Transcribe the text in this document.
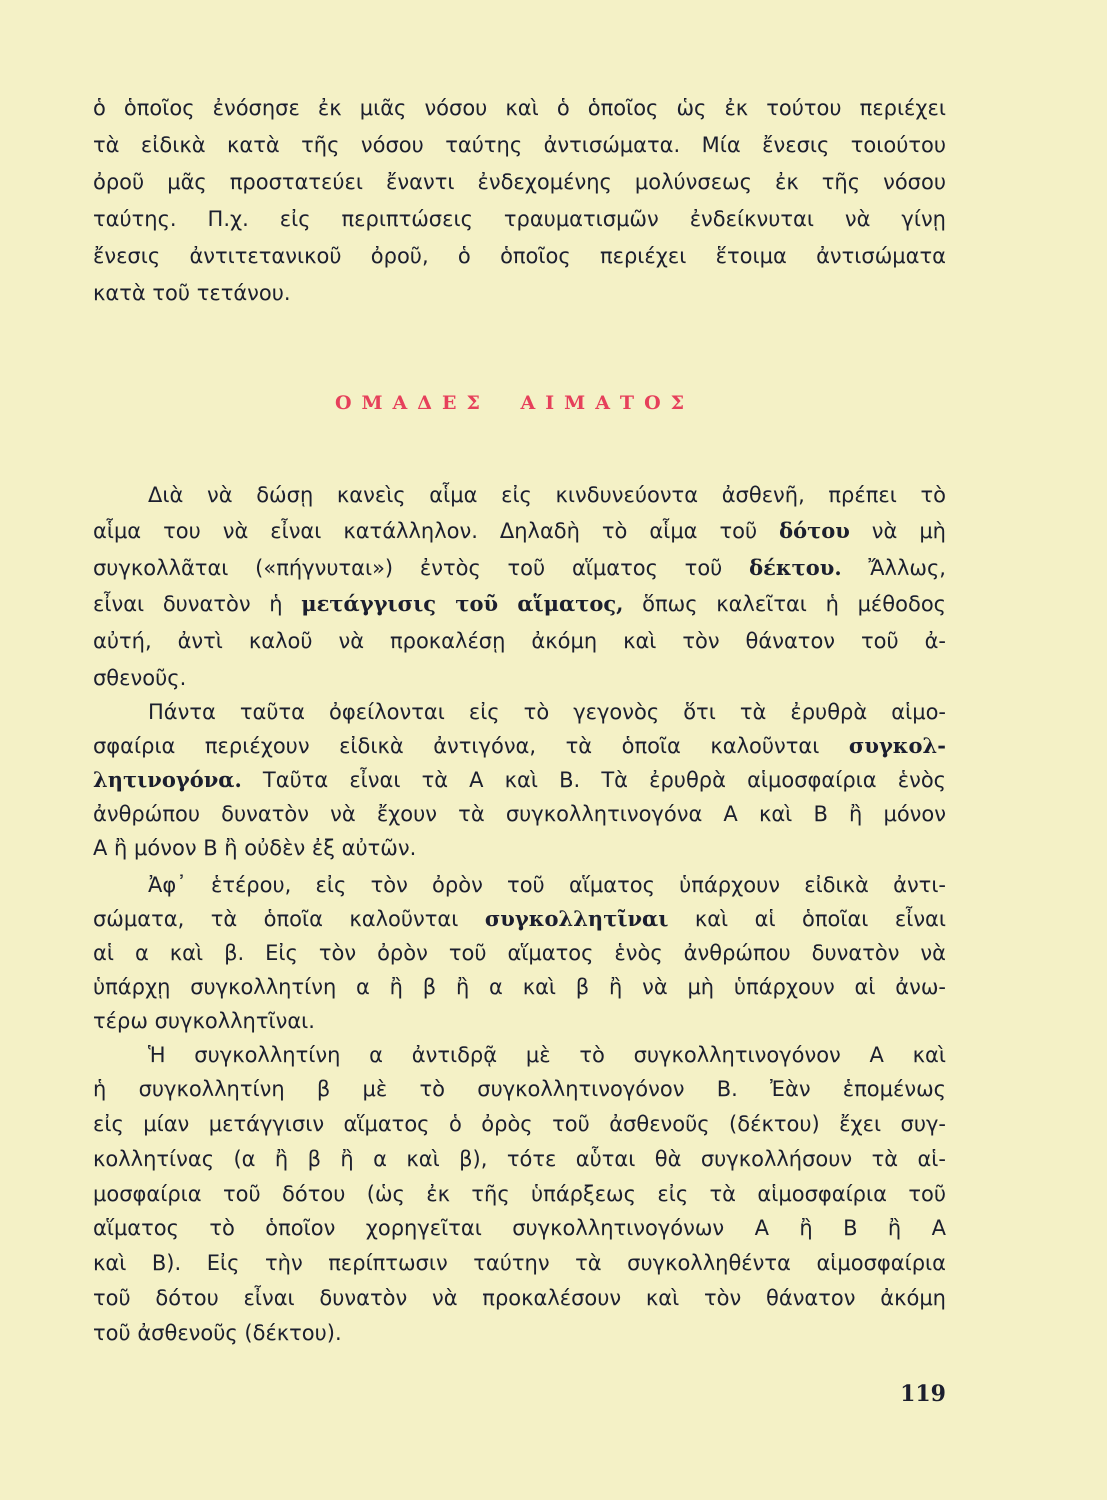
ὁ ὁποῖος ἐνόσησε ἐκ μιᾶς νόσου καὶ ὁ ὁποῖος ὡς ἐκ τούτου περιέχει
τὰ εἰδικὰ κατὰ τῆς νόσου ταύτης ἀντισώματα. Μία ἔνεσις τοιούτου
ὀροῦ μᾶς προστατεύει ἔναντι ἐνδεχομένης μολύνσεως ἐκ τῆς νόσου
ταύτης. Π.χ. εἰς περιπτώσεις τραυματισμῶν ἐνδείκνυται νὰ γίνῃ
ἔνεσις ἀντιτετανικοῦ ὀροῦ, ὁ ὁποῖος περιέχει ἕτοιμα ἀντισώματα
κατὰ τοῦ τετάνου.
ΟΜΑΔΕΣ ΑΙΜΑΤΟΣ
Διὰ νὰ δώσῃ κανεὶς αἷμα εἰς κινδυνεύοντα ἀσθενῆ, πρέπει τὸ
αἷμα του νὰ εἶναι κατάλληλον. Δηλαδὴ τὸ αἷμα τοῦ δότου νὰ μὴ
συγκολλᾶται («πήγνυται») ἐντὸς τοῦ αἵματος τοῦ δέκτου. Ἄλλως,
εἶναι δυνατὸν ἡ μετάγγισις τοῦ αἵματος, ὅπως καλεῖται ἡ μέθοδος
αὐτή, ἀντὶ καλοῦ νὰ προκαλέσῃ ἀκόμη καὶ τὸν θάνατον τοῦ ἀ-
σθενοῦς.
Πάντα ταῦτα ὀφείλονται εἰς τὸ γεγονὸς ὅτι τὰ ἐρυθρὰ αἱμο-
σφαίρια περιέχουν εἰδικὰ ἀντιγόνα, τὰ ὁποῖα καλοῦνται συγκολ-
λητινογόνα. Ταῦτα εἶναι τὰ Α καὶ Β. Τὰ ἐρυθρὰ αἱμοσφαίρια ἑνὸς
ἀνθρώπου δυνατὸν νὰ ἔχουν τὰ συγκολλητινογόνα Α καὶ Β ἢ μόνον
Α ἢ μόνον Β ἢ οὐδὲν ἐξ αὐτῶν.
Ἀφ᾽ ἑτέρου, εἰς τὸν ὀρὸν τοῦ αἵματος ὑπάρχουν εἰδικὰ ἀντι-
σώματα, τὰ ὁποῖα καλοῦνται συγκολλητῖναι καὶ αἱ ὁποῖαι εἶναι
αἱ α καὶ β. Εἰς τὸν ὀρὸν τοῦ αἵματος ἑνὸς ἀνθρώπου δυνατὸν νὰ
ὑπάρχῃ συγκολλητίνη α ἢ β ἢ α καὶ β ἢ νὰ μὴ ὑπάρχουν αἱ ἀνω-
τέρω συγκολλητῖναι.
Ἡ συγκολλητίνη α ἀντιδρᾷ μὲ τὸ συγκολλητινογόνον Α καὶ
ἡ συγκολλητίνη β μὲ τὸ συγκολλητινογόνον Β. Ἐὰν ἑπομένως
εἰς μίαν μετάγγισιν αἵματος ὁ ὀρὸς τοῦ ἀσθενοῦς (δέκτου) ἔχει συγ-
κολλητίνας (α ἢ β ἢ α καὶ β), τότε αὗται θὰ συγκολλήσουν τὰ αἱ-
μοσφαίρια τοῦ δότου (ὡς ἐκ τῆς ὑπάρξεως εἰς τὰ αἱμοσφαίρια τοῦ
αἵματος τὸ ὁποῖον χορηγεῖται συγκολλητινογόνων Α ἢ Β ἢ Α
καὶ Β). Εἰς τὴν περίπτωσιν ταύτην τὰ συγκολληθέντα αἱμοσφαίρια
τοῦ δότου εἶναι δυνατὸν νὰ προκαλέσουν καὶ τὸν θάνατον ἀκόμη
τοῦ ἀσθενοῦς (δέκτου).
119
